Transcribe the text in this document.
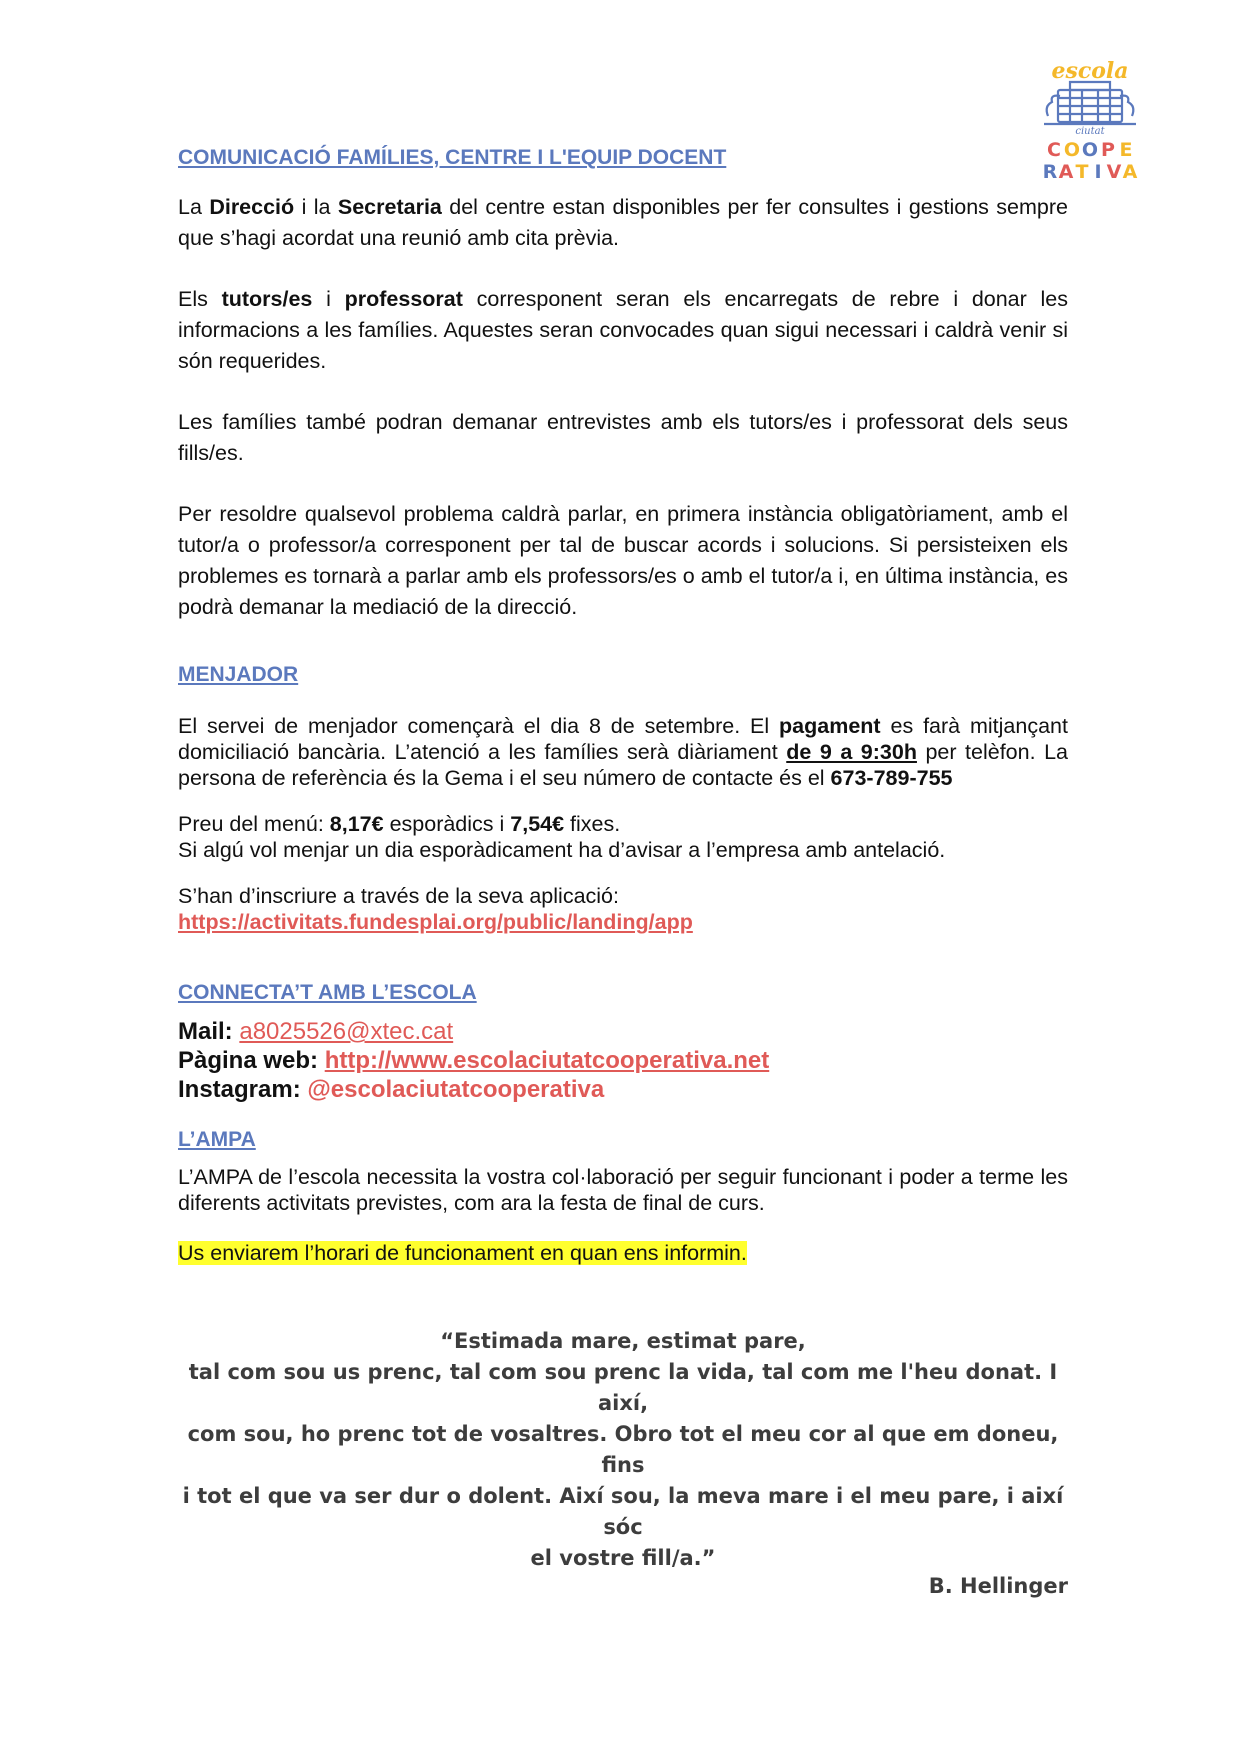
escola
ciutat
C O O P E
R A T I V A
COMUNICACIÓ FAMÍLIES, CENTRE I L'EQUIP DOCENT

La Direcció i la Secretaria del centre estan disponibles per fer consultes i gestions sempre que s’hagi acordat una reunió amb cita prèvia.

Els tutors/es i professorat corresponent seran els encarregats de rebre i donar les informacions a les famílies. Aquestes seran convocades quan sigui necessari i caldrà venir si són requerides.

Les famílies també podran demanar entrevistes amb els tutors/es i professorat dels seus fills/es.

Per resoldre qualsevol problema caldrà parlar, en primera instància obligatòriament, amb el tutor/a o professor/a corresponent per tal de buscar acords i solucions. Si persisteixen els problemes es tornarà a parlar amb els professors/es o amb el tutor/a i, en última instància, es podrà demanar la mediació de la direcció.

MENJADOR

El servei de menjador començarà el dia 8 de setembre. El pagament es farà mitjançant domiciliació bancària. L’atenció a les famílies serà diàriament de 9 a 9:30h per telèfon. La persona de referència és la Gema i el seu número de contacte és el 673-789-755

Preu del menú: 8,17€ esporàdics i 7,54€ fixes.

Si algú vol menjar un dia esporàdicament ha d’avisar a l’empresa amb antelació.

S’han d’inscriure a través de la seva aplicació:

https://activitats.fundesplai.org/public/landing/app

CONNECTA’T AMB L’ESCOLA
Mail: a8025526@xtec.cat
Pàgina web: http://www.escolaciutatcooperativa.net
Instagram: @escolaciutatcooperativa
L’AMPA

L’AMPA de l’escola necessita la vostra col·laboració per seguir funcionant i poder a terme les diferents activitats previstes, com ara la festa de final de curs.

Us enviarem l’horari de funcionament en quan ens informin.

“Estimada mare, estimat pare,
tal com sou us prenc, tal com sou prenc la vida, tal com me l'heu donat. I així,
com sou, ho prenc tot de vosaltres. Obro tot el meu cor al que em doneu, fins
i tot el que va ser dur o dolent. Així sou, la meva mare i el meu pare, i així sóc
el vostre fill/a.”
B. Hellinger
